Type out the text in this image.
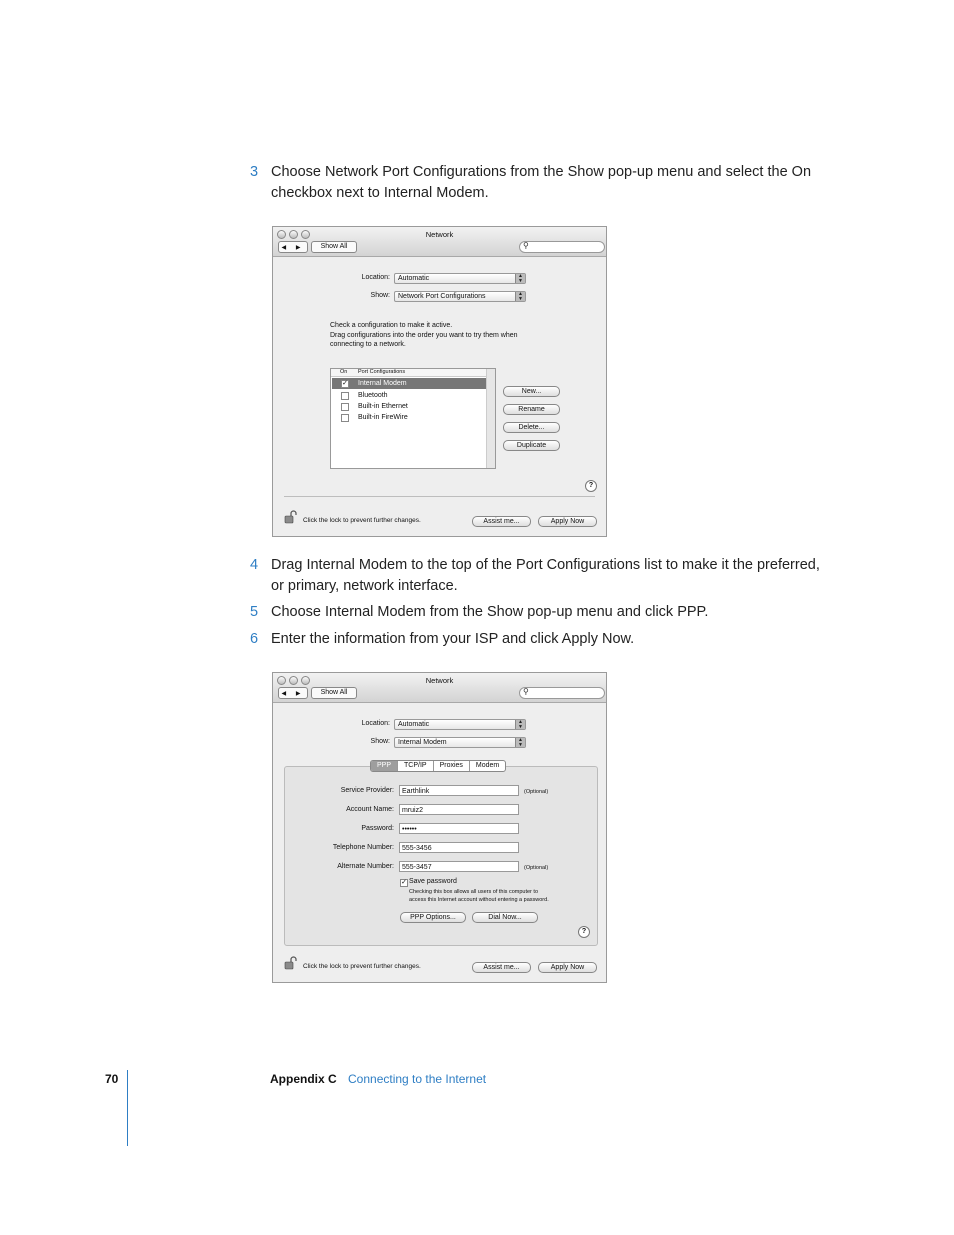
3 Choose Network Port Configurations from the Show pop-up menu and select the On
checkbox next to Internal Modem.
Network
◀ ▶	Show All	⚲
Location:	Automatic	▲
▼
Show:	Network Port Configurations	▲
▼
Check a configuration to make it active.
Drag configurations into the order you want to try them when
connecting to a network.
On Port Configurations
✓ Internal Modem
Bluetooth
Built-in Ethernet
Built-in FireWire
New...
Rename
Delete...
Duplicate
?
Click the lock to prevent further changes.	Assist me...	Apply Now
4 Drag Internal Modem to the top of the Port Configurations list to make it the preferred,
or primary, network interface.
5 Choose Internal Modem from the Show pop-up menu and click PPP.
6 Enter the information from your ISP and click Apply Now.
Network
◀ ▶	Show All	⚲
Location:	Automatic	▲
▼
Show:	Internal Modem	▲
▼
PPP	TCP/IP	Proxies	Modem
Service Provider:	Earthlink	(Optional)
Account Name:	mruiz2
Password:	••••••
Telephone Number:	555-3456
Alternate Number:	555-3457	(Optional)
✓ Save password
Checking this box allows all users of this computer to
access this Internet account without entering a password.
PPP Options...	Dial Now...
?
Click the lock to prevent further changes.	Assist me...	Apply Now
70	Appendix C Connecting to the Internet
